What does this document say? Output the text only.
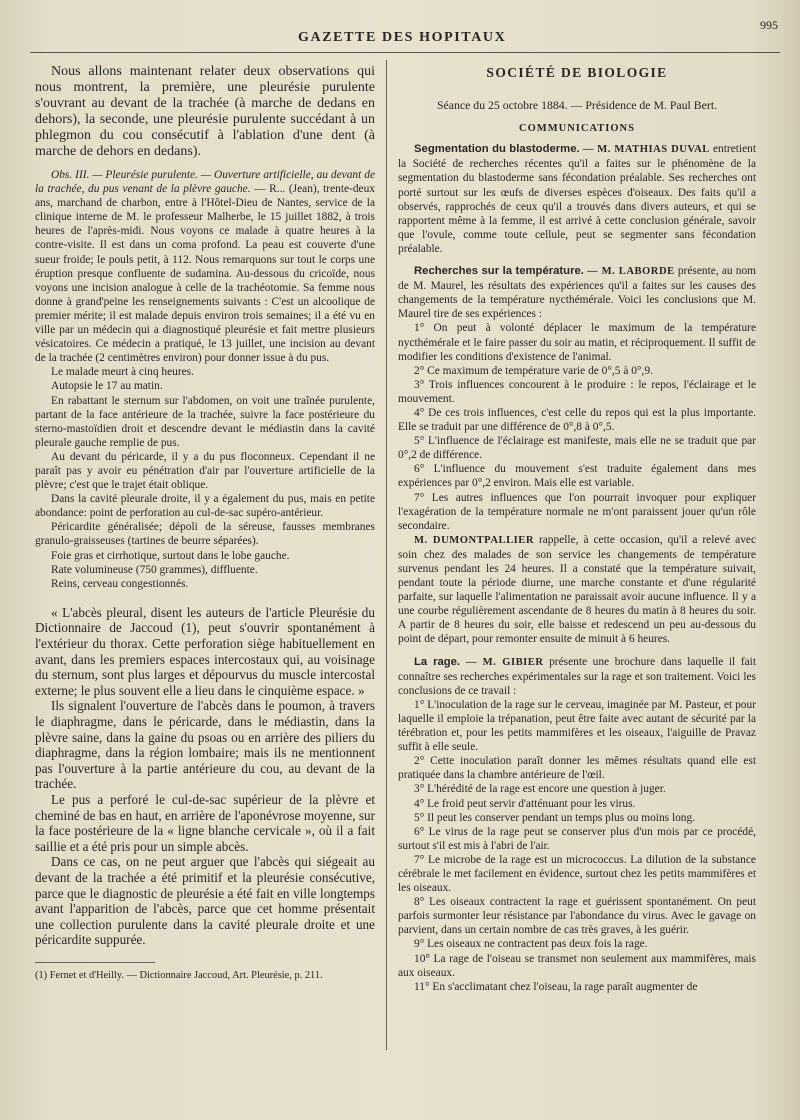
GAZETTE DES HOPITAUX
995

Nous allons maintenant relater deux observations qui nous montrent, la première, une pleurésie purulente s'ouvrant au devant de la trachée (à marche de dedans en dehors), la seconde, une pleurésie purulente succédant à un phlegmon du cou consécutif à l'ablation d'une dent (à marche de dehors en dedans).

Obs. III. — Pleurésie purulente. — Ouverture artificielle, au devant de la trachée, du pus venant de la plèvre gauche. — R... (Jean), trente-deux ans, marchand de charbon, entre à l'Hôtel-Dieu de Nantes, service de la clinique interne de M. le professeur Malherbe, le 15 juillet 1882, à trois heures de l'après-midi. Nous voyons ce malade à quatre heures à la contre-visite. Il est dans un coma profond. La peau est couverte d'une sueur froide; le pouls petit, à 112. Nous remarquons sur tout le corps une éruption presque confluente de sudamina. Au-dessous du cricoïde, nous voyons une incision analogue à celle de la trachéotomie. Sa femme nous donne à grand'peine les renseignements suivants : C'est un alcoolique de premier mérite; il est malade depuis environ trois semaines; il a été vu en ville par un médecin qui a diagnostiqué pleurésie et fait mettre plusieurs vésicatoires. Ce médecin a pratiqué, le 13 juillet, une incision au devant de la trachée (2 centimètres environ) pour donner issue à du pus.

Le malade meurt à cinq heures.

Autopsie le 17 au matin.

En rabattant le sternum sur l'abdomen, on voit une traînée purulente, partant de la face antérieure de la trachée, suivre la face postérieure du sterno-mastoïdien droit et descendre devant le médiastin dans la cavité pleurale gauche remplie de pus.

Au devant du péricarde, il y a du pus floconneux. Cependant il ne paraît pas y avoir eu pénétration d'air par l'ouverture artificielle de la plèvre; c'est que le trajet était oblique.

Dans la cavité pleurale droite, il y a également du pus, mais en petite abondance: point de perforation au cul-de-sac supéro-antérieur.

Péricardite généralisée; dépoli de la séreuse, fausses membranes granulo-graisseuses (tartines de beurre séparées).

Foie gras et cirrhotique, surtout dans le lobe gauche.

Rate volumineuse (750 grammes), diffluente.

Reins, cerveau congestionnés.

« L'abcès pleural, disent les auteurs de l'article Pleurésie du Dictionnaire de Jaccoud (1), peut s'ouvrir spontanément à l'extérieur du thorax. Cette perforation siège habituellement en avant, dans les premiers espaces intercostaux qui, au voisinage du sternum, sont plus larges et dépourvus du muscle intercostal externe; le plus souvent elle a lieu dans le cinquième espace. »

Ils signalent l'ouverture de l'abcès dans le poumon, à travers le diaphragme, dans le péricarde, dans le médiastin, dans la plèvre saine, dans la gaine du psoas ou en arrière des piliers du diaphragme, dans la région lombaire; mais ils ne mentionnent pas l'ouverture à la partie antérieure du cou, au devant de la trachée.

Le pus a perforé le cul-de-sac supérieur de la plèvre et cheminé de bas en haut, en arrière de l'aponévrose moyenne, sur la face postérieure de la « ligne blanche cervicale », où il a fait saillie et a été pris pour un simple abcès.

Dans ce cas, on ne peut arguer que l'abcès qui siégeait au devant de la trachée a été primitif et la pleurésie consécutive, parce que le diagnostic de pleurésie a été fait en ville longtemps avant l'apparition de l'abcès, parce que cet homme présentait une collection purulente dans la cavité pleurale droite et une péricardite suppurée.

(1) Fernet et d'Heilly. — Dictionnaire Jaccoud, Art. Pleurésie, p. 211.

SOCIÉTÉ DE BIOLOGIE

Séance du 25 octobre 1884. — Présidence de M. Paul Bert.

COMMUNICATIONS

Segmentation du blastoderme. — M. MATHIAS DUVAL entretient la Société de recherches récentes qu'il a faites sur le phénomène de la segmentation du blastoderme sans fécondation préalable. Ses recherches ont porté surtout sur les œufs de diverses espèces d'oiseaux. Des faits qu'il a observés, rapprochés de ceux qu'il a trouvés dans divers auteurs, et qui se rapportent même à la femme, il est arrivé à cette conclusion générale, savoir que l'ovule, comme toute cellule, peut se segmenter sans fécondation préalable.

Recherches sur la température. — M. LABORDE présente, au nom de M. Maurel, les résultats des expériences qu'il a faites sur les causes des changements de la température nycthémérale. Voici les conclusions que M. Maurel tire de ses expériences :

1° On peut à volonté déplacer le maximum de la température nycthémérale et le faire passer du soir au matin, et réciproquement. Il suffit de modifier les conditions d'existence de l'animal.

2° Ce maximum de température varie de 0°,5 à 0°,9.

3° Trois influences concourent à le produire : le repos, l'éclairage et le mouvement.

4° De ces trois influences, c'est celle du repos qui est la plus importante. Elle se traduit par une différence de 0°,8 à 0°,5.

5° L'influence de l'éclairage est manifeste, mais elle ne se traduit que par 0°,2 de différence.

6° L'influence du mouvement s'est traduite également dans mes expériences par 0°,2 environ. Mais elle est variable.

7° Les autres influences que l'on pourrait invoquer pour expliquer l'exagération de la température normale ne m'ont paraissent jouer qu'un rôle secondaire.

M. DUMONTPALLIER rappelle, à cette occasion, qu'il a relevé avec soin chez des malades de son service les changements de température survenus pendant les 24 heures. Il a constaté que la température suivait, pendant toute la période diurne, une marche constante et d'une régularité parfaite, sur laquelle l'alimentation ne paraissait avoir aucune influence. Il y a une courbe régulièrement ascendante de 8 heures du matin à 8 heures du soir. A partir de 8 heures du soir, elle baisse et redescend un peu au-dessous du point de départ, pour remonter ensuite de minuit à 6 heures.

La rage. — M. GIBIER présente une brochure dans laquelle il fait connaître ses recherches expérimentales sur la rage et son traitement. Voici les conclusions de ce travail :

1° L'inoculation de la rage sur le cerveau, imaginée par M. Pasteur, et pour laquelle il emploie la trépanation, peut être faite avec autant de sécurité par la térébration et, pour les petits mammifères et les oiseaux, l'aiguille de Pravaz suffit à elle seule.

2° Cette inoculation paraît donner les mêmes résultats quand elle est pratiquée dans la chambre antérieure de l'œil.

3° L'hérédité de la rage est encore une question à juger.

4° Le froid peut servir d'atténuant pour les virus.

5° Il peut les conserver pendant un temps plus ou moins long.

6° Le virus de la rage peut se conserver plus d'un mois par ce procédé, surtout s'il est mis à l'abri de l'air.

7° Le microbe de la rage est un micrococcus. La dilution de la substance cérébrale le met facilement en évidence, surtout chez les petits mammifères et les oiseaux.

8° Les oiseaux contractent la rage et guérissent spontanément. On peut parfois surmonter leur résistance par l'abondance du virus. Avec le gavage on parvient, dans un certain nombre de cas très graves, à les guérir.

9° Les oiseaux ne contractent pas deux fois la rage.

10° La rage de l'oiseau se transmet non seulement aux mammifères, mais aux oiseaux.

11° En s'acclimatant chez l'oiseau, la rage paraît augmenter de
